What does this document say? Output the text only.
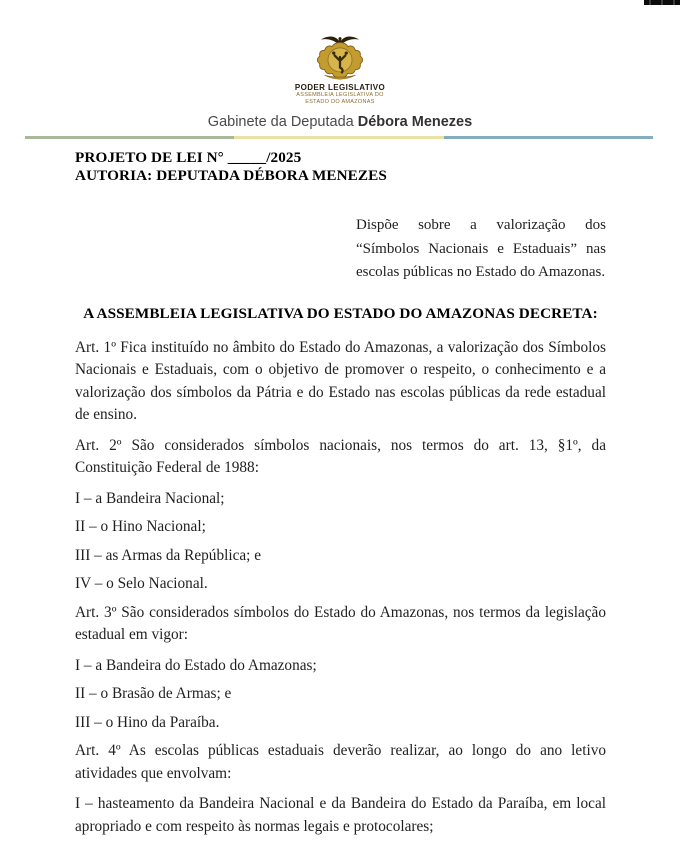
PODER LEGISLATIVO
ASSEMBLEIA LEGISLATIVA DO
ESTADO DO AMAZONAS
Gabinete da Deputada Débora Menezes
PROJETO DE LEI N° _____/2025
AUTORIA: DEPUTADA DÉBORA MENEZES
Dispõe sobre a valorização dos “Símbolos Nacionais e Estaduais” nas escolas públicas no Estado do Amazonas.
A ASSEMBLEIA LEGISLATIVA DO ESTADO DO AMAZONAS DECRETA:

Art. 1º Fica instituído no âmbito do Estado do Amazonas, a valorização dos Símbolos Nacionais e Estaduais, com o objetivo de promover o respeito, o conhecimento e a valorização dos símbolos da Pátria e do Estado nas escolas públicas da rede estadual de ensino.

Art. 2º São considerados símbolos nacionais, nos termos do art. 13, §1º, da Constituição Federal de 1988:

I – a Bandeira Nacional;

II – o Hino Nacional;

III – as Armas da República; e

IV – o Selo Nacional.

Art. 3º São considerados símbolos do Estado do Amazonas, nos termos da legislação estadual em vigor:

I – a Bandeira do Estado do Amazonas;

II – o Brasão de Armas; e

III – o Hino da Paraíba.

Art. 4º As escolas públicas estaduais deverão realizar, ao longo do ano letivo atividades que envolvam:

I – hasteamento da Bandeira Nacional e da Bandeira do Estado da Paraíba, em local apropriado e com respeito às normas legais e protocolares;
